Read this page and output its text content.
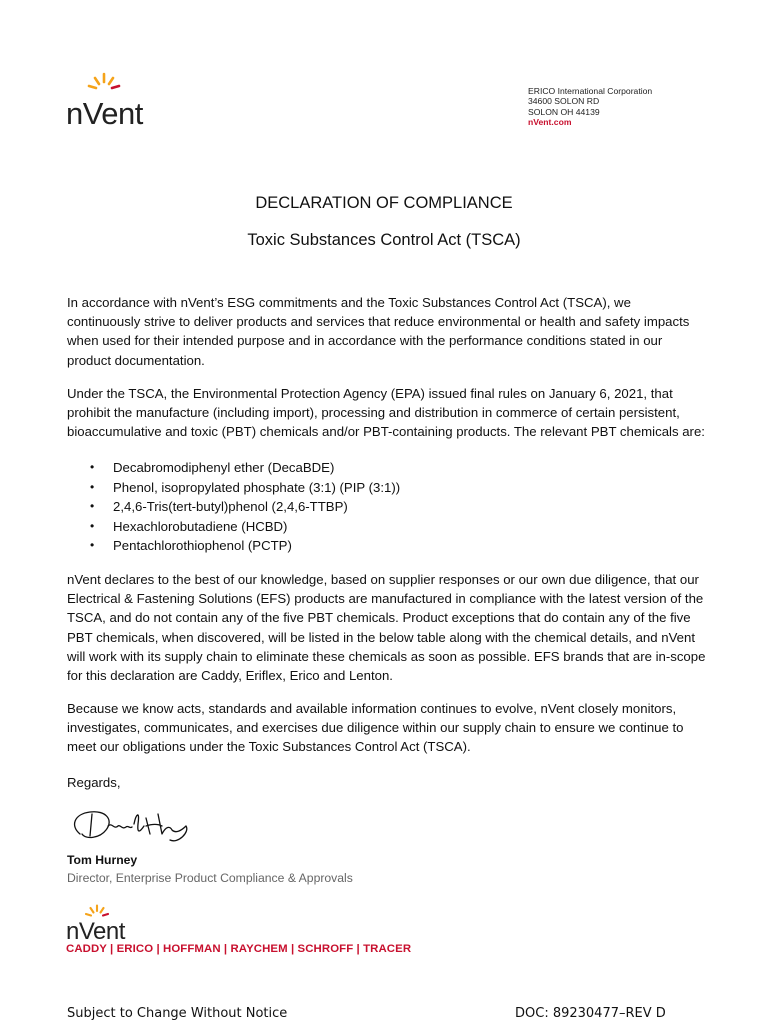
nVent
ERICO International Corporation
34600 SOLON RD
SOLON OH 44139
nVent.com
DECLARATION OF COMPLIANCE
Toxic Substances Control Act (TSCA)

In accordance with nVent’s ESG commitments and the Toxic Substances Control Act (TSCA), we continuously strive to deliver products and services that reduce environmental or health and safety impacts when used for their intended purpose and in accordance with the performance conditions stated in our product documentation.

Under the TSCA, the Environmental Protection Agency (EPA) issued final rules on January 6, 2021, that prohibit the manufacture (including import), processing and distribution in commerce of certain persistent, bioaccumulative and toxic (PBT) chemicals and/or PBT-containing products. The relevant PBT chemicals are:

• Decabromodiphenyl ether (DecaBDE)
• Phenol, isopropylated phosphate (3:1) (PIP (3:1))
• 2,4,6-Tris(tert-butyl)phenol (2,4,6-TTBP)
• Hexachlorobutadiene (HCBD)
• Pentachlorothiophenol (PCTP)

nVent declares to the best of our knowledge, based on supplier responses or our own due diligence, that our Electrical & Fastening Solutions (EFS) products are manufactured in compliance with the latest version of the TSCA, and do not contain any of the five PBT chemicals. Product exceptions that do contain any of the five PBT chemicals, when discovered, will be listed in the below table along with the chemical details, and nVent will work with its supply chain to eliminate these chemicals as soon as possible. EFS brands that are in-scope for this declaration are Caddy, Eriflex, Erico and Lenton.

Because we know acts, standards and available information continues to evolve, nVent closely monitors, investigates, communicates, and exercises due diligence within our supply chain to ensure we continue to meet our obligations under the Toxic Substances Control Act (TSCA).

Regards,
Tom Hurney
Director, Enterprise Product Compliance & Approvals
nVent
CADDY | ERICO | HOFFMAN | RAYCHEM | SCHROFF | TRACER
Subject to Change Without Notice	DOC: 89230477–REV D
